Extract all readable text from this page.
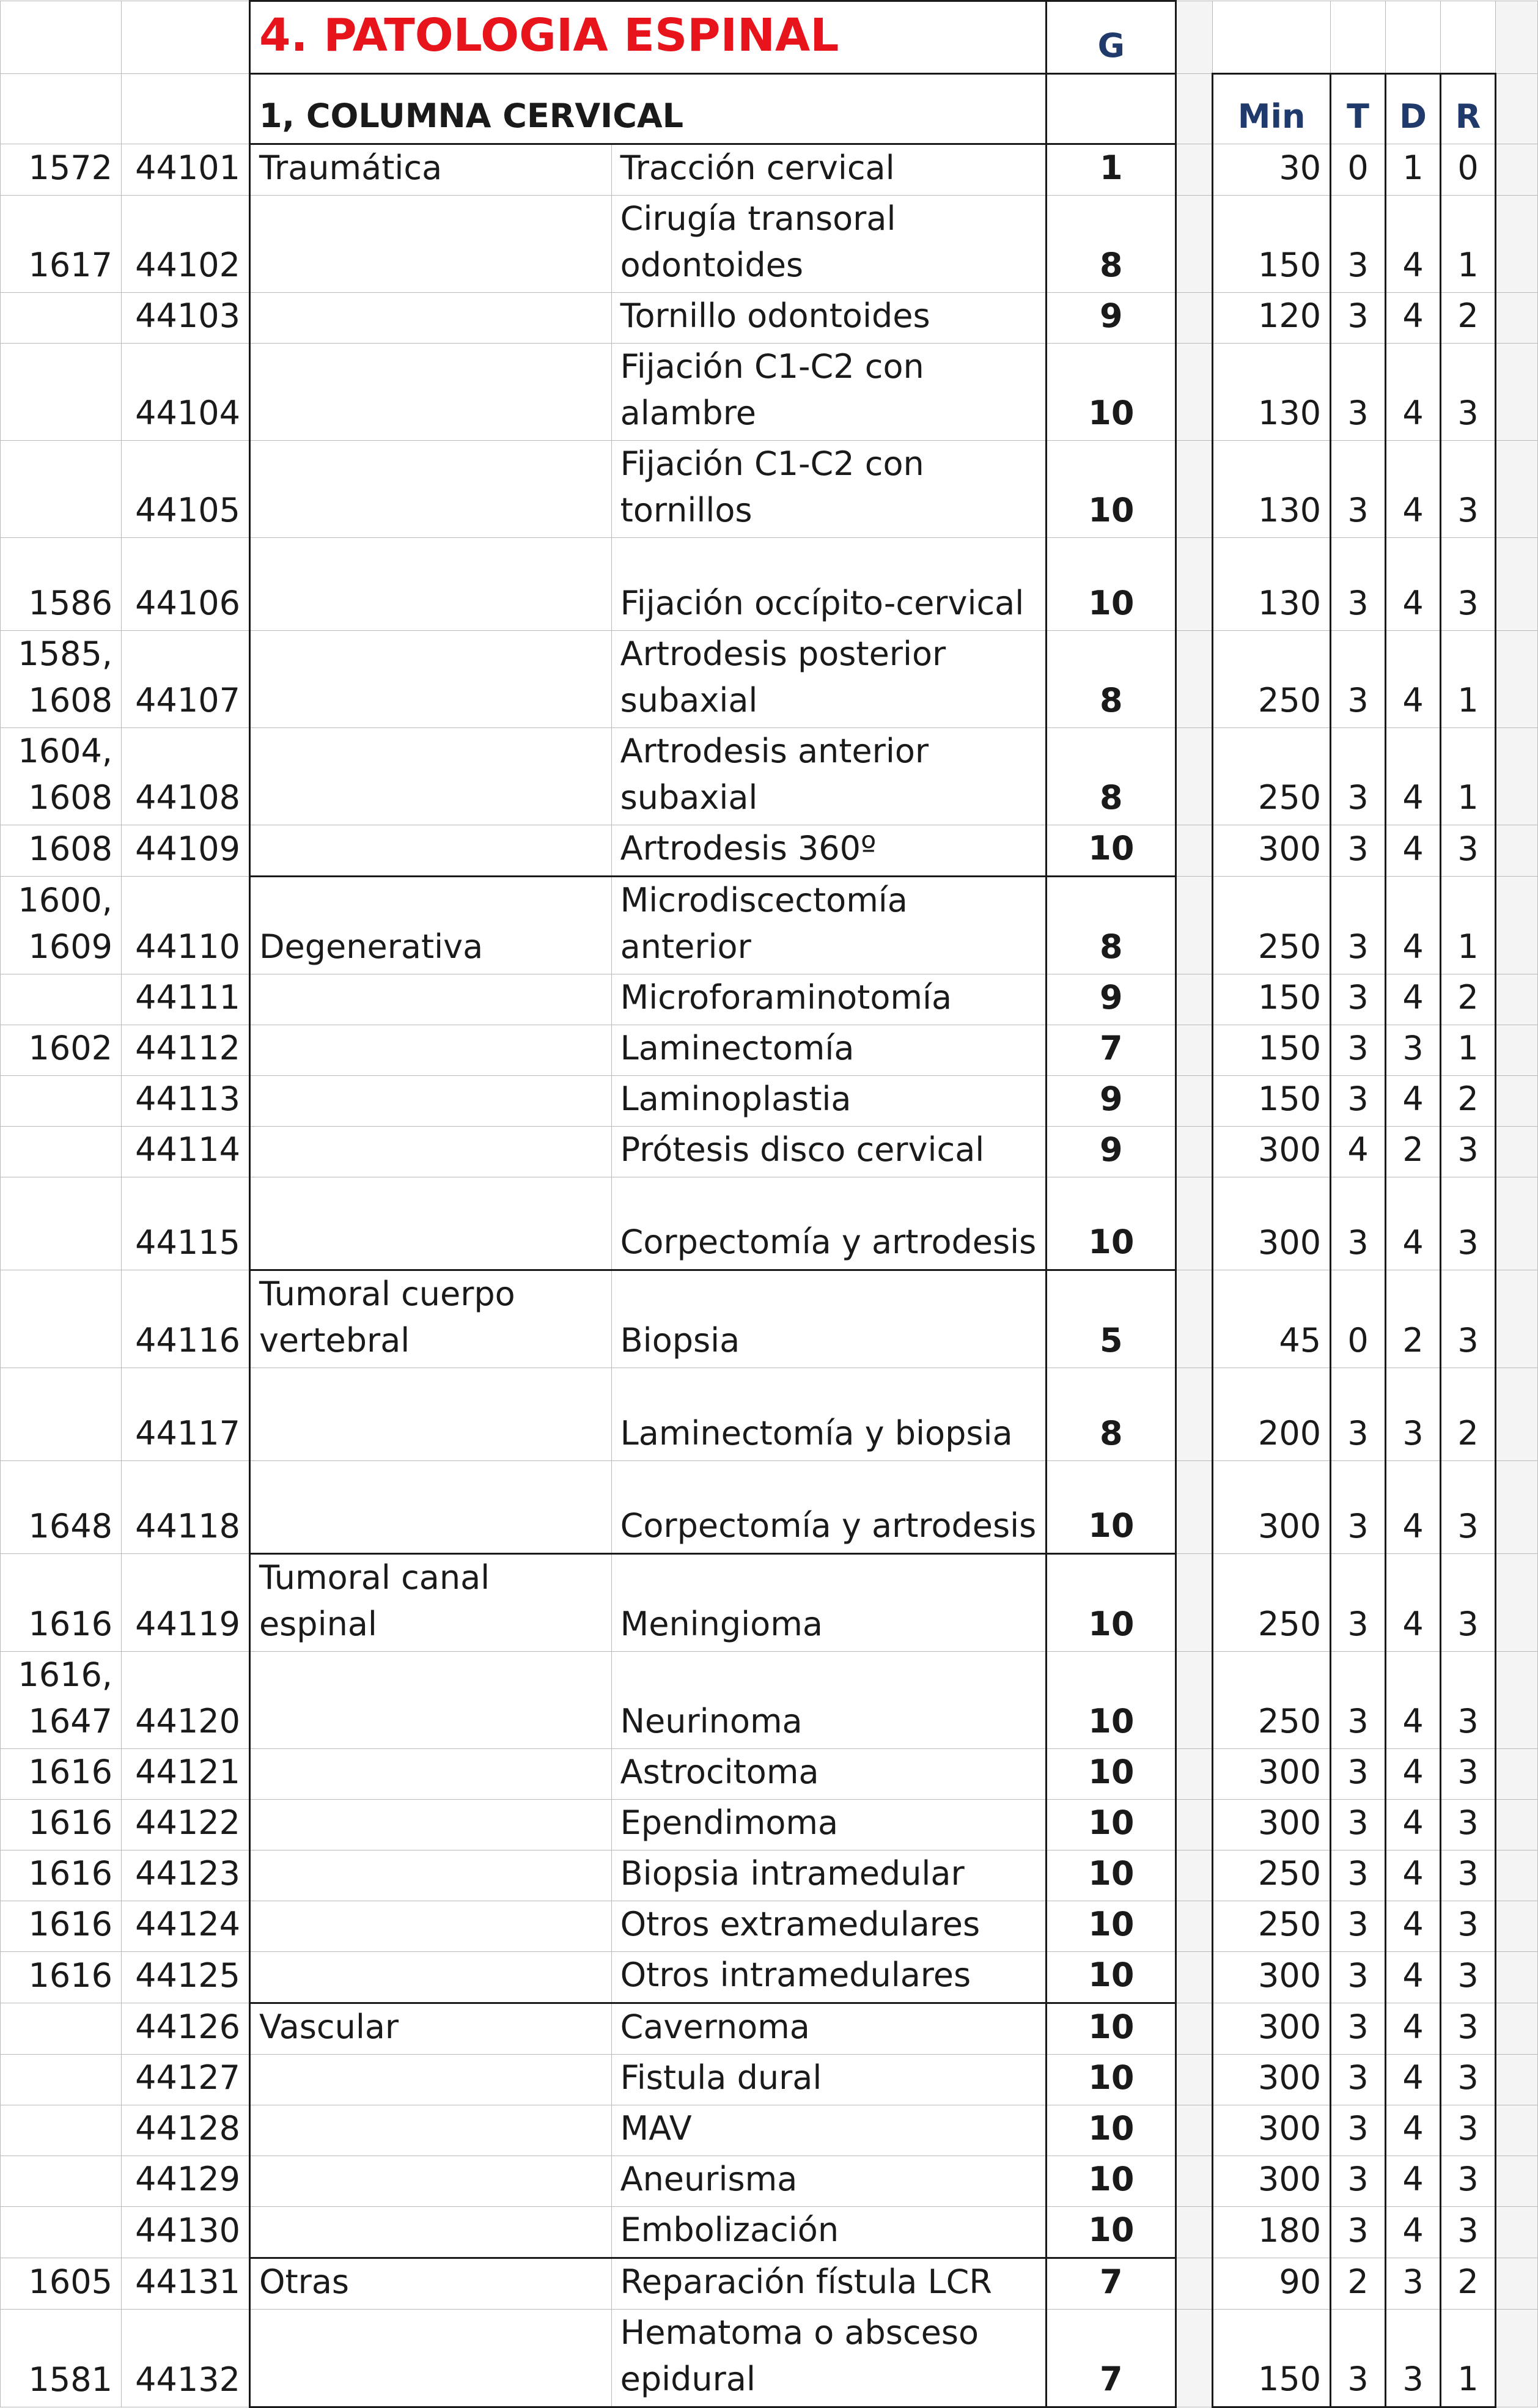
		4. PATOLOGIA ESPINAL		G						
		1, COLUMNA CERVICAL				Min	T	D	R	
1572	44101	Traumática	Tracción cervical	1		30	0	1	0	
1617	44102		Cirugía transoral odontoides	8		150	3	4	1	
	44103		Tornillo odontoides	9		120	3	4	2	
	44104		Fijación C1-C2 con alambre	10		130	3	4	3	
	44105		Fijación C1-C2 con tornillos	10		130	3	4	3	
1586	44106		Fijación occípito-cervical	10		130	3	4	3	
1585, 1608	44107		Artrodesis posterior subaxial	8		250	3	4	1	
1604, 1608	44108		Artrodesis anterior subaxial	8		250	3	4	1	
1608	44109		Artrodesis 360º	10		300	3	4	3	
1600, 1609	44110	Degenerativa	Microdiscectomía anterior	8		250	3	4	1	
	44111		Microforaminotomía	9		150	3	4	2	
1602	44112		Laminectomía	7		150	3	3	1	
	44113		Laminoplastia	9		150	3	4	2	
	44114		Prótesis disco cervical	9		300	4	2	3	
	44115		Corpectomía y artrodesis	10		300	3	4	3	
	44116	Tumoral cuerpo vertebral	Biopsia	5		45	0	2	3	
	44117		Laminectomía y biopsia	8		200	3	3	2	
1648	44118		Corpectomía y artrodesis	10		300	3	4	3	
1616	44119	Tumoral canal espinal	Meningioma	10		250	3	4	3	
1616, 1647	44120		Neurinoma	10		250	3	4	3	
1616	44121		Astrocitoma	10		300	3	4	3	
1616	44122		Ependimoma	10		300	3	4	3	
1616	44123		Biopsia intramedular	10		250	3	4	3	
1616	44124		Otros extramedulares	10		250	3	4	3	
1616	44125		Otros intramedulares	10		300	3	4	3	
	44126	Vascular	Cavernoma	10		300	3	4	3	
	44127		Fistula dural	10		300	3	4	3	
	44128		MAV	10		300	3	4	3	
	44129		Aneurisma	10		300	3	4	3	
	44130		Embolización	10		180	3	4	3	
1605	44131	Otras	Reparación fístula LCR	7		90	2	3	2	
1581	44132		Hematoma o absceso epidural	7		150	3	3	1	
